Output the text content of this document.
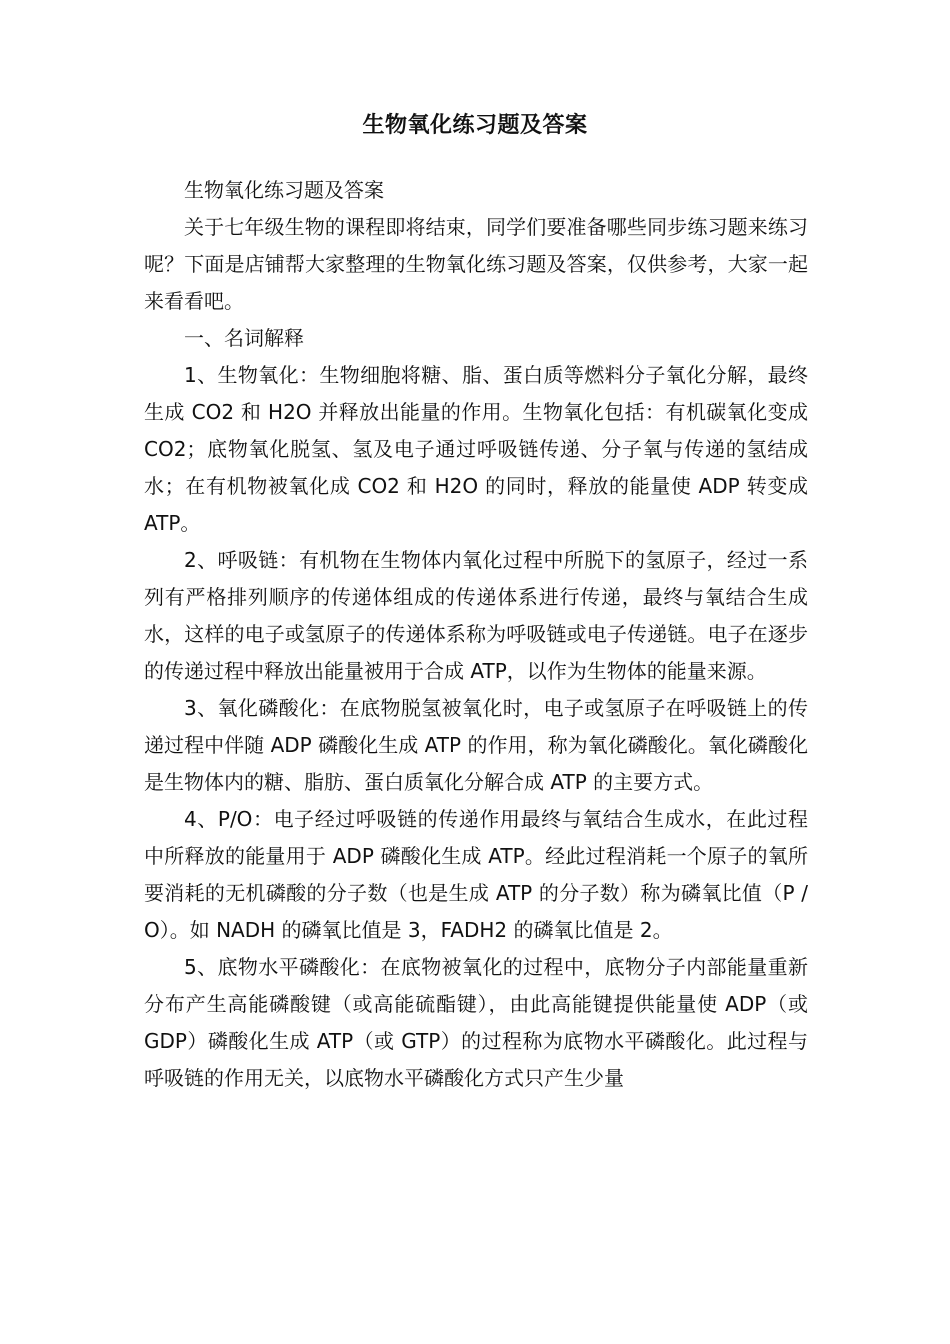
生物氧化练习题及答案

生物氧化练习题及答案

关于七年级生物的课程即将结束，同学们要准备哪些同步练习题来练习呢？下面是店铺帮大家整理的生物氧化练习题及答案，仅供参考，大家一起来看看吧。

一、名词解释

1、生物氧化：生物细胞将糖、脂、蛋白质等燃料分子氧化分解，最终生成 CO2 和 H2O 并释放出能量的作用。生物氧化包括：有机碳氧化变成 CO2；底物氧化脱氢、氢及电子通过呼吸链传递、分子氧与传递的氢结成水；在有机物被氧化成 CO2 和 H2O 的同时，释放的能量使 ADP 转变成 ATP。

2、呼吸链：有机物在生物体内氧化过程中所脱下的氢原子，经过一系列有严格排列顺序的传递体组成的传递体系进行传递，最终与氧结合生成水，这样的电子或氢原子的传递体系称为呼吸链或电子传递链。电子在逐步的传递过程中释放出能量被用于合成 ATP，以作为生物体的能量来源。

3、氧化磷酸化：在底物脱氢被氧化时，电子或氢原子在呼吸链上的传递过程中伴随 ADP 磷酸化生成 ATP 的作用，称为氧化磷酸化。氧化磷酸化是生物体内的糖、脂肪、蛋白质氧化分解合成 ATP 的主要方式。

4、P/O：电子经过呼吸链的传递作用最终与氧结合生成水，在此过程中所释放的能量用于 ADP 磷酸化生成 ATP。经此过程消耗一个原子的氧所要消耗的无机磷酸的分子数（也是生成 ATP 的分子数）称为磷氧比值（P / O）。如 NADH 的磷氧比值是 3，FADH2 的磷氧比值是 2。

5、底物水平磷酸化：在底物被氧化的过程中，底物分子内部能量重新分布产生高能磷酸键（或高能硫酯键），由此高能键提供能量使 ADP（或 GDP）磷酸化生成 ATP（或 GTP）的过程称为底物水平磷酸化。此过程与呼吸链的作用无关，以底物水平磷酸化方式只产生少量
